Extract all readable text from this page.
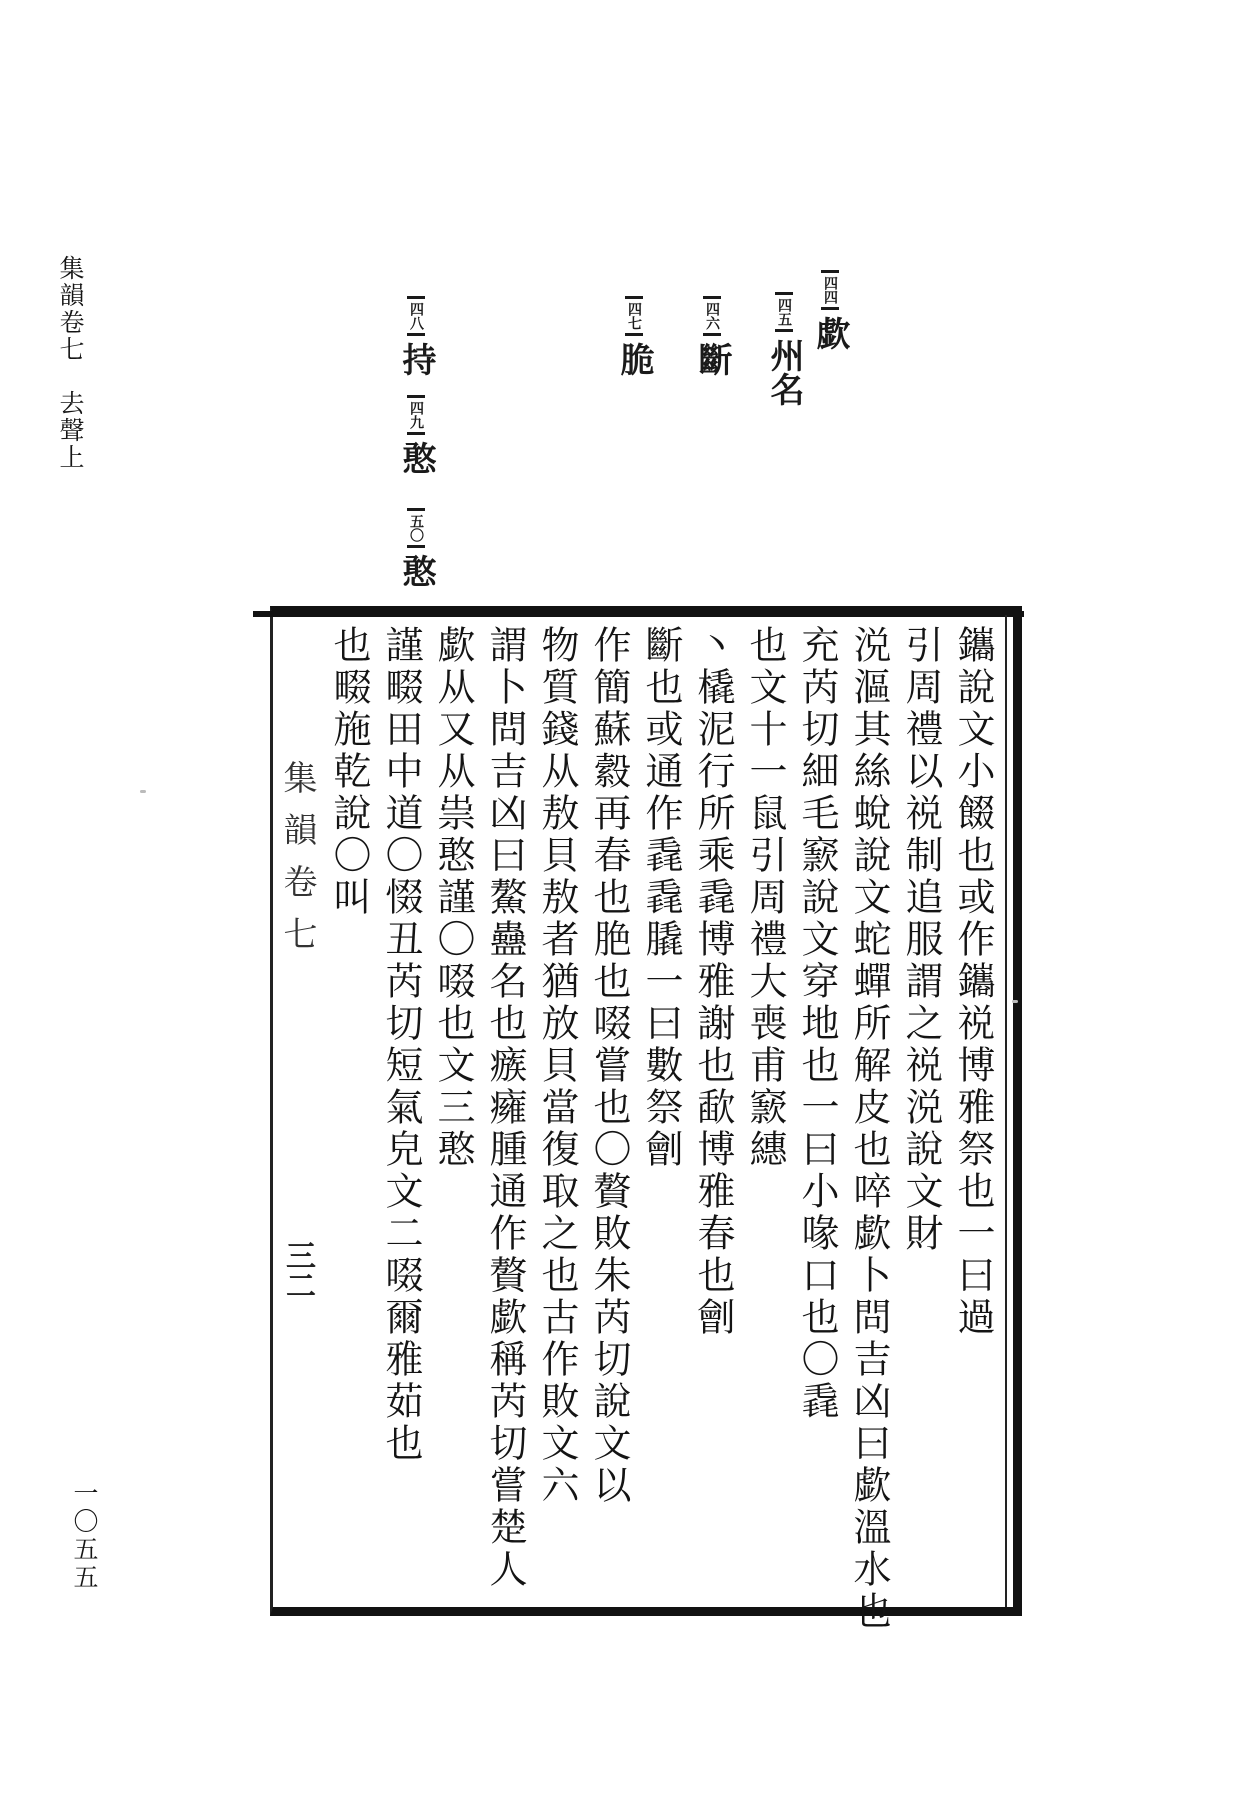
集韻卷七　去聲上
一〇五五
四四歔
四五州名
四六斷
四七脆
四八持
四九憨
五〇憨
集韻卷七
三二	鑴說文小餟也或作鑴祱博雅祭也一曰過
引周禮以祱制追服謂之祱涚說文財
涚漚其絲蛻說文蛇蟬所解皮也啐歔卜問吉凶曰歔溫水也
充芮切細毛窾說文穿地也一曰小喙口也〇毳
也文十一鼠引周禮大喪甫窾繐
丶橇泥行所乘毳博雅謝也歃博雅春也劊
斷也或通作毳毳膬一曰數祭劊
作簡蘇縠再春也脃也啜嘗也〇贅敗朱芮切說文以
物質錢从敖貝敖者猶放貝當復取之也古作敗文六
謂卜問吉凶曰鰲蠱名也瘯癕腫通作贅歔稱芮切嘗楚人
歔从又从祟憨謹〇啜也文三憨
謹畷田中道〇惙丑芮切短氣皃文二啜爾雅茹也
也畷施乾說〇叫
